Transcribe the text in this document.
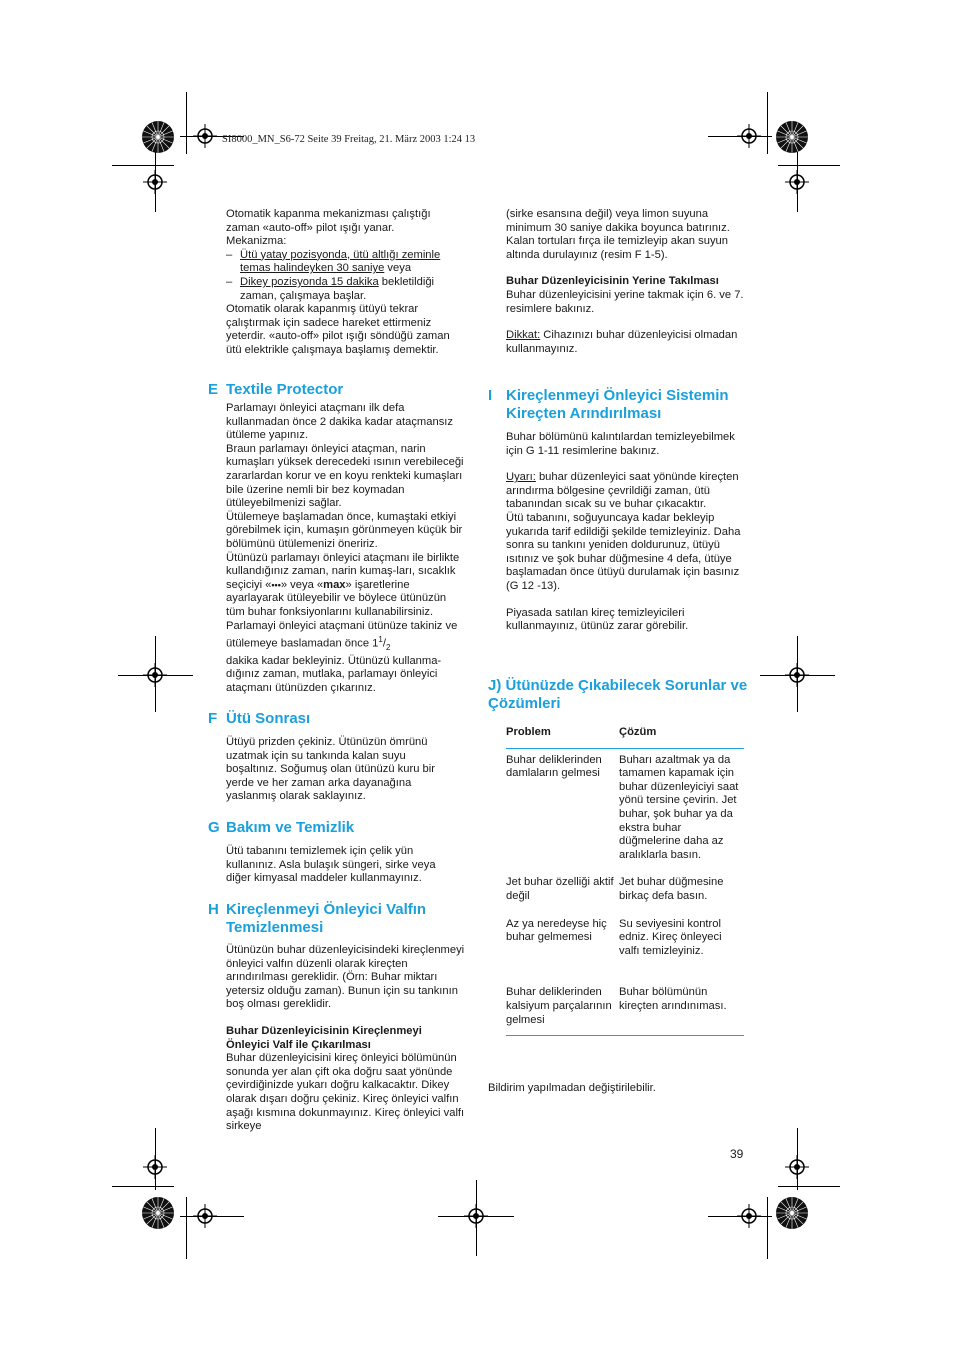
SI8000_MN_S6-72 Seite 39 Freitag, 21. März 2003 1:24 13

Otomatik kapanma mekanizması çalıştığı zaman «auto-off» pilot ışığı yanar.

Mekanizma:

– Ütü yatay pozisyonda, ütü altlığı zeminle temas halindeyken 30 saniye veya
– Dikey pozisyonda 15 dakika bekletildiği zaman, çalışmaya başlar.

Otomatik olarak kapanmış ütüyü tekrar çalıştırmak için sadece hareket ettirmeniz yeterdir. «auto-off» pilot ışığı söndüğü zaman ütü elektrikle çalışmaya başlamış demektir.

E Textile Protector

Parlamayı önleyici ataçmanı ilk defa kullanmadan önce 2 dakika kadar ataçmansız ütüleme yapınız.

Braun parlamayı önleyici ataçman, narin kumaşları yüksek derecedeki ısının verebileceği zararlardan korur ve en koyu renkteki kumaşları bile üzerine nemli bir bez koymadan ütüleyebilmenizi sağlar.

Ütülemeye başlamadan önce, kumaştaki etkiyi görebilmek için, kumaşın görünmeyen küçük bir bölümünü ütülemenizi öneririz.

Ütünüzü parlamayı önleyici ataçmanı ile birlikte kullandığınız zaman, narin kumaş-ları, sıcaklık seçiciyi «•••» veya «max» işaretlerine ayarlayarak ütüleyebilir ve böylece ütünüzün tüm buhar fonksiyonlarını kullanabilirsiniz.

Parlamayi önleyici ataçmani ütünüze takiniz ve ütülemeye baslamadan önce $1^1/_2$
dakika kadar bekleyiniz. Ütünüzü kullanma-dığınız zaman, mutlaka, parlamayı önleyici ataçmanı ütünüzden çıkarınız.

F Ütü Sonrası

Ütüyü prizden çekiniz. Ütünüzün ömrünü uzatmak için su tankında kalan suyu boşaltınız. Soğumuş olan ütünüzü kuru bir yerde ve her zaman arka dayanağına yaslanmış olarak saklayınız.

G Bakım ve Temizlik

Ütü tabanını temizlemek için çelik yün kullanınız. Asla bulaşık süngeri, sirke veya diğer kimyasal maddeler kullanmayınız.

H Kireçlenmeyi Önleyici Valfın Temizlenmesi

Ütünüzün buhar düzenleyicisindeki kireçlenmeyi önleyici valfın düzenli olarak kireçten arındırılması gereklidir. (Örn: Buhar miktarı yetersiz olduğu zaman). Bunun için su tankının boş olması gereklidir.

Buhar Düzenleyicisinin Kireçlenmeyi Önleyici Valf ile Çıkarılması

Buhar düzenleyicisini kireç önleyici bölümünün sonunda yer alan çift oka doğru saat yönünde çevirdiğinizde yukarı doğru kalkacaktır. Dikey olarak dışarı doğru çekiniz. Kireç önleyici valfın aşağı kısmına dokunmayınız. Kireç önleyici valfı sirkeye

(sirke esansına değil) veya limon suyuna minimum 30 saniye dakika boyunca batırınız. Kalan tortuları fırça ile temizleyip akan suyun altında durulayınız (resim F 1-5).

Buhar Düzenleyicisinin Yerine Takılması

Buhar düzenleyicisini yerine takmak için 6. ve 7. resimlere bakınız.

Dikkat: Cihazınızı buhar düzenleyicisi olmadan kullanmayınız.

I Kireçlenmeyi Önleyici Sistemin Kireçten Arındırılması

Buhar bölümünü kalıntılardan temizleyebilmek için G 1-11 resimlerine bakınız.

Uyarı: buhar düzenleyici saat yönünde kireçten arındırma bölgesine çevrildiği zaman, ütü tabanından sıcak su ve buhar çıkacaktır.

Ütü tabanını, soğuyuncaya kadar bekleyip yukarıda tarif edildiği şekilde temizleyiniz. Daha sonra su tankını yeniden doldurunuz, ütüyü ısıtınız ve şok buhar düğmesine 4 defa, ütüye başlamadan önce ütüyü durulamak için basınız (G 12 -13).

Piyasada satılan kireç temizleyicileri kullanmayınız, ütünüz zarar görebilir.

J) Ütünüzde Çıkabilecek Sorunlar ve Çözümleri
Problem	Çözüm
Buhar deliklerinden damlaların gelmesi	Buharı azaltmak ya da tamamen kapamak için buhar düzenleyiciyi saat yönü tersine çevirin. Jet buhar, şok buhar ya da ekstra buhar düğmelerine daha az aralıklarla basın.
Jet buhar özelliği aktif değil	Jet buhar düğmesine birkaç defa basın.
Az ya neredeyse hiç buhar gelmemesi	Su seviyesini kontrol edniz. Kireç önleyeci valfı temizleyiniz.
Buhar deliklerinden kalsiyum parçalarının gelmesi	Buhar bölümünün kireçten arındınıması.

Bildirim yapılmadan değiştirilebilir.

39
